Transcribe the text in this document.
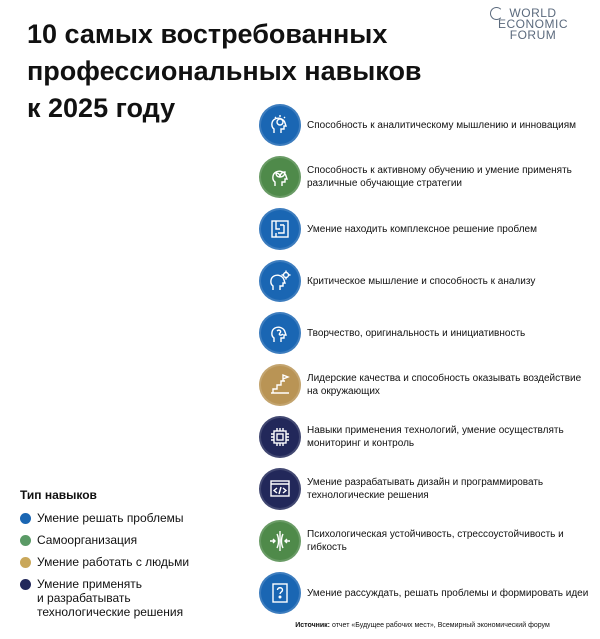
10 самых востребованных
профессиональных навыков
к 2025 году
WORLD
ECONOMIC
FORUM
Способность к аналитическому мышлению и инновациям
Способность к активному обучению и умение применять различные обучающие стратегии
Умение находить комплексное решение проблем
Критическое мышление и способность к анализу
Творчество, оригинальность и инициативность
Лидерские качества и способность оказывать воздействие на окружающих
Навыки применения технологий, умение осуществлять мониторинг и контроль
Умение разрабатывать дизайн и программировать технологические решения
Психологическая устойчивость, стрессоустойчивость и гибкость
Умение рассуждать, решать проблемы и формировать идеи
Тип навыков
Умение решать проблемы
Самоорганизация
Умение работать с людьми
Умение применять
и разрабатывать
технологические решения
Источник: отчет «Будущее рабочих мест», Всемирный экономический форум
